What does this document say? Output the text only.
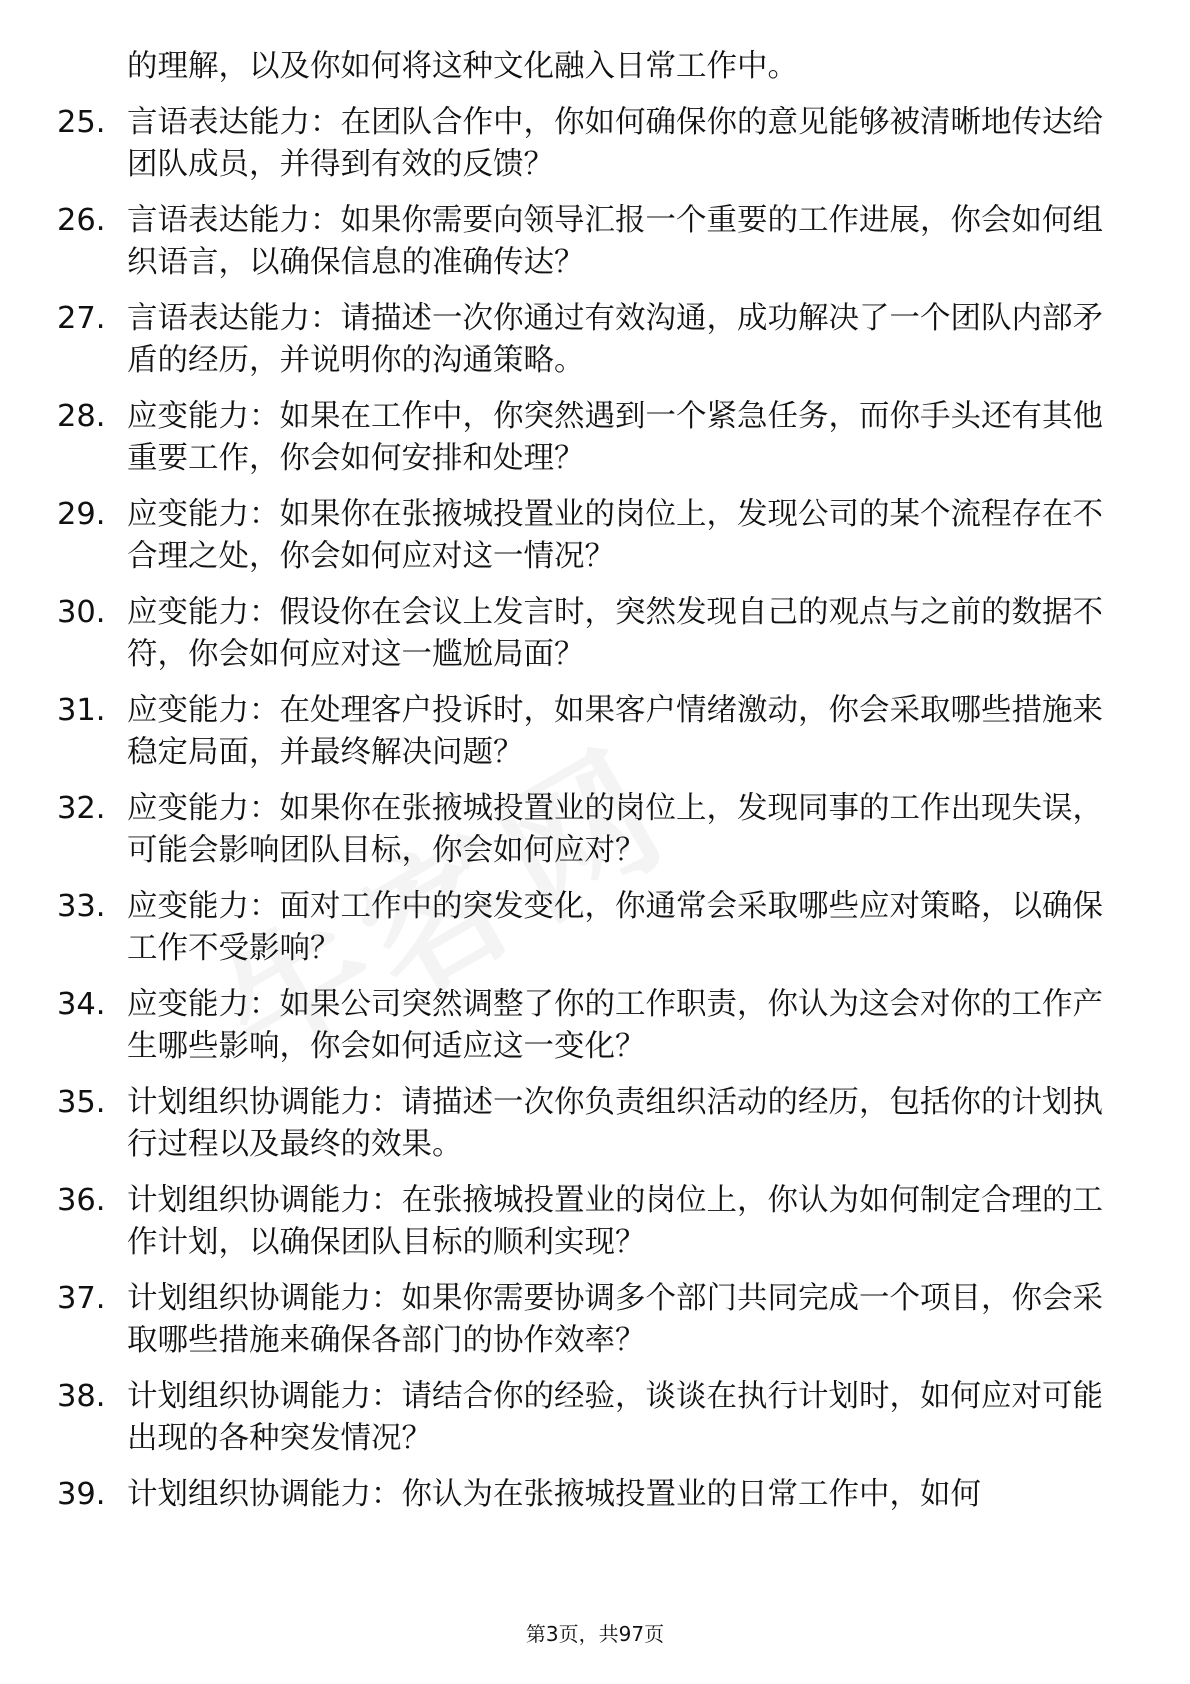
的理解，以及你如何将这种文化融入日常工作中。
25. 言语表达能力：在团队合作中，你如何确保你的意见能够被清晰地传达给团队成员，并得到有效的反馈？
26. 言语表达能力：如果你需要向领导汇报一个重要的工作进展，你会如何组织语言，以确保信息的准确传达？
27. 言语表达能力：请描述一次你通过有效沟通，成功解决了一个团队内部矛盾的经历，并说明你的沟通策略。
28. 应变能力：如果在工作中，你突然遇到一个紧急任务，而你手头还有其他重要工作，你会如何安排和处理？
29. 应变能力：如果你在张掖城投置业的岗位上，发现公司的某个流程存在不合理之处，你会如何应对这一情况？
30. 应变能力：假设你在会议上发言时，突然发现自己的观点与之前的数据不符，你会如何应对这一尴尬局面？
31. 应变能力：在处理客户投诉时，如果客户情绪激动，你会采取哪些措施来稳定局面，并最终解决问题？
32. 应变能力：如果你在张掖城投置业的岗位上，发现同事的工作出现失误，可能会影响团队目标，你会如何应对？
33. 应变能力：面对工作中的突发变化，你通常会采取哪些应对策略，以确保工作不受影响？
34. 应变能力：如果公司突然调整了你的工作职责，你认为这会对你的工作产生哪些影响，你会如何适应这一变化？
35. 计划组织协调能力：请描述一次你负责组织活动的经历，包括你的计划执行过程以及最终的效果。
36. 计划组织协调能力：在张掖城投置业的岗位上，你认为如何制定合理的工作计划，以确保团队目标的顺利实现？
37. 计划组织协调能力：如果你需要协调多个部门共同完成一个项目，你会采取哪些措施来确保各部门的协作效率？
38. 计划组织协调能力：请结合你的经验，谈谈在执行计划时，如何应对可能出现的各种突发情况？
39. 计划组织协调能力：你认为在张掖城投置业的日常工作中，如何
第3页，共97页
